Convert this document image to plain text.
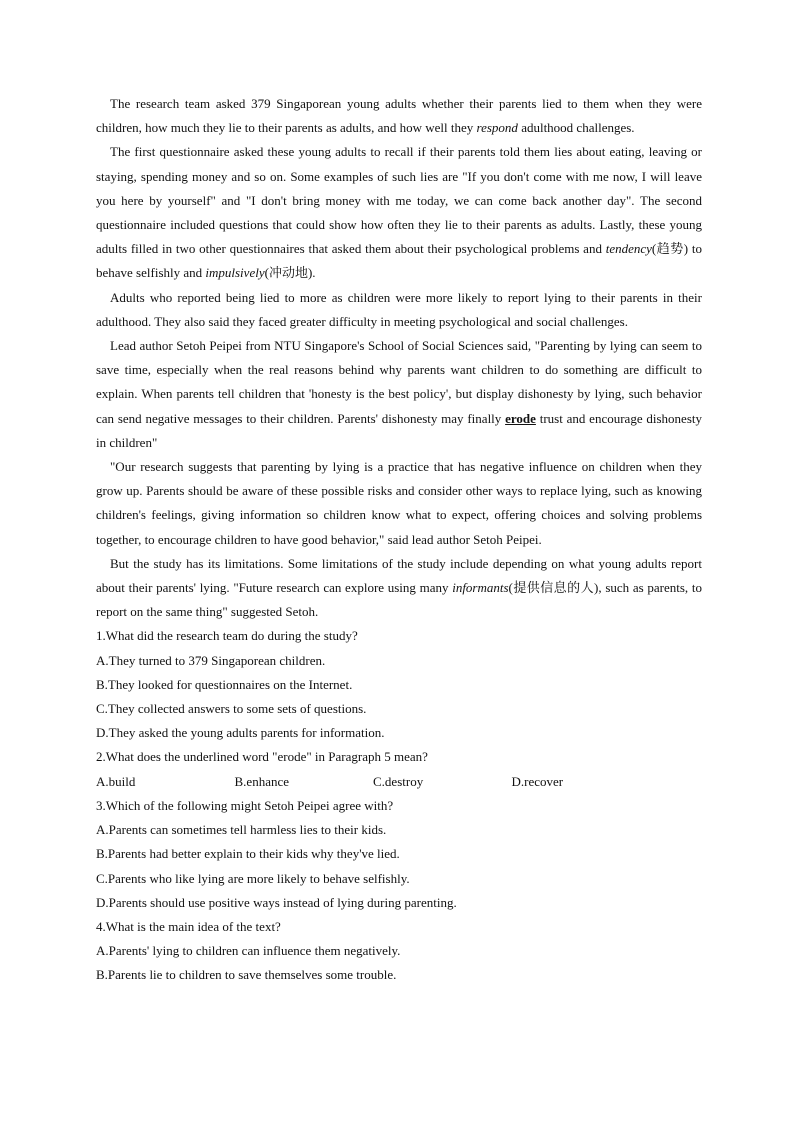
The research team asked 379 Singaporean young adults whether their parents lied to them when they were children, how much they lie to their parents as adults, and how well they respond adulthood challenges.

The first questionnaire asked these young adults to recall if their parents told them lies about eating, leaving or staying, spending money and so on. Some examples of such lies are "If you don't come with me now, I will leave you here by yourself" and "I don't bring money with me today, we can come back another day". The second questionnaire included questions that could show how often they lie to their parents as adults. Lastly, these young adults filled in two other questionnaires that asked them about their psychological problems and tendency(趋势) to behave selfishly and impulsively(冲动地).

Adults who reported being lied to more as children were more likely to report lying to their parents in their adulthood. They also said they faced greater difficulty in meeting psychological and social challenges.

Lead author Setoh Peipei from NTU Singapore's School of Social Sciences said, "Parenting by lying can seem to save time, especially when the real reasons behind why parents want children to do something are difficult to explain. When parents tell children that 'honesty is the best policy', but display dishonesty by lying, such behavior can send negative messages to their children. Parents' dishonesty may finally erode trust and encourage dishonesty in children"

"Our research suggests that parenting by lying is a practice that has negative influence on children when they grow up. Parents should be aware of these possible risks and consider other ways to replace lying, such as knowing children's feelings, giving information so children know what to expect, offering choices and solving problems together, to encourage children to have good behavior," said lead author Setoh Peipei.

But the study has its limitations. Some limitations of the study include depending on what young adults report about their parents' lying. "Future research can explore using many informants(提供信息的人), such as parents, to report on the same thing" suggested Setoh.

1.What did the research team do during the study?

A.They turned to 379 Singaporean children.

B.They looked for questionnaires on the Internet.

C.They collected answers to some sets of questions.

D.They asked the young adults parents for information.

2.What does the underlined word "erode" in Paragraph 5 mean?

A.build	B.enhance	C.destroy	D.recover

3.Which of the following might Setoh Peipei agree with?

A.Parents can sometimes tell harmless lies to their kids.

B.Parents had better explain to their kids why they've lied.

C.Parents who like lying are more likely to behave selfishly.

D.Parents should use positive ways instead of lying during parenting.

4.What is the main idea of the text?

A.Parents' lying to children can influence them negatively.

B.Parents lie to children to save themselves some trouble.
